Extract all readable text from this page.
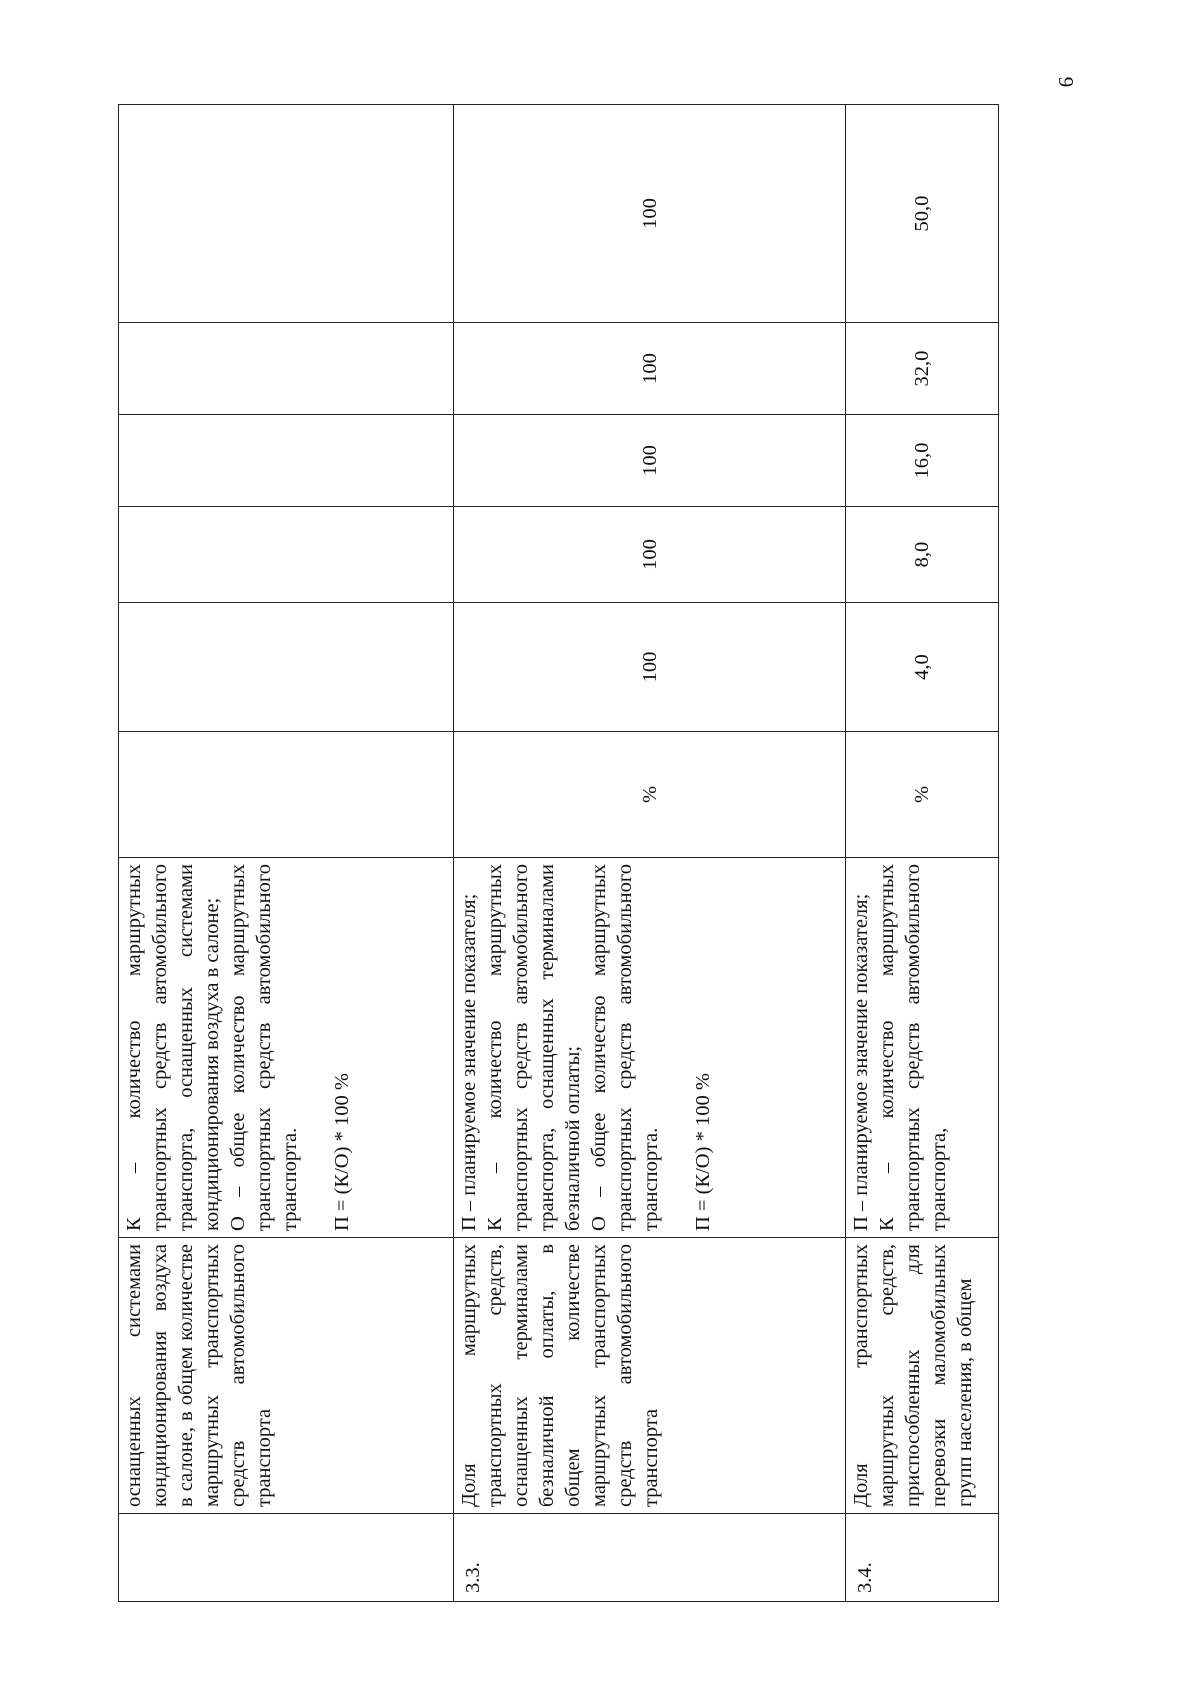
9

	оснащенных системами кондиционирования воздуха в салоне, в общем количестве маршрутных транспортных средств автомобильного транспорта	К – количество маршрутных транспортных средств автомобильного транспорта, оснащенных системами кондиционирования воздуха в салоне; О – общее количество маршрутных транспортных средств автомобильного транспорта. П = (К/О) * 100 %						

3.3.	Доля маршрутных транспортных средств, оснащенных терминалами безналичной оплаты, в общем количестве маршрутных транспортных средств автомобильного транспорта	П – планируемое значение показателя; К – количество маршрутных транспортных средств автомобильного транспорта, оснащенных терминалами безналичной оплаты; О – общее количество маршрутных транспортных средств автомобильного транспорта. П = (К/О) * 100 %	%	100	100	100	100	100
3.4.	Доля транспортных маршрутных средств, приспособленных для перевозки маломобильных групп населения, в общем	П – планируемое значение показателя; К – количество маршрутных транспортных средств автомобильного транспорта,	%	4,0	8,0	16,0	32,0	50,0
